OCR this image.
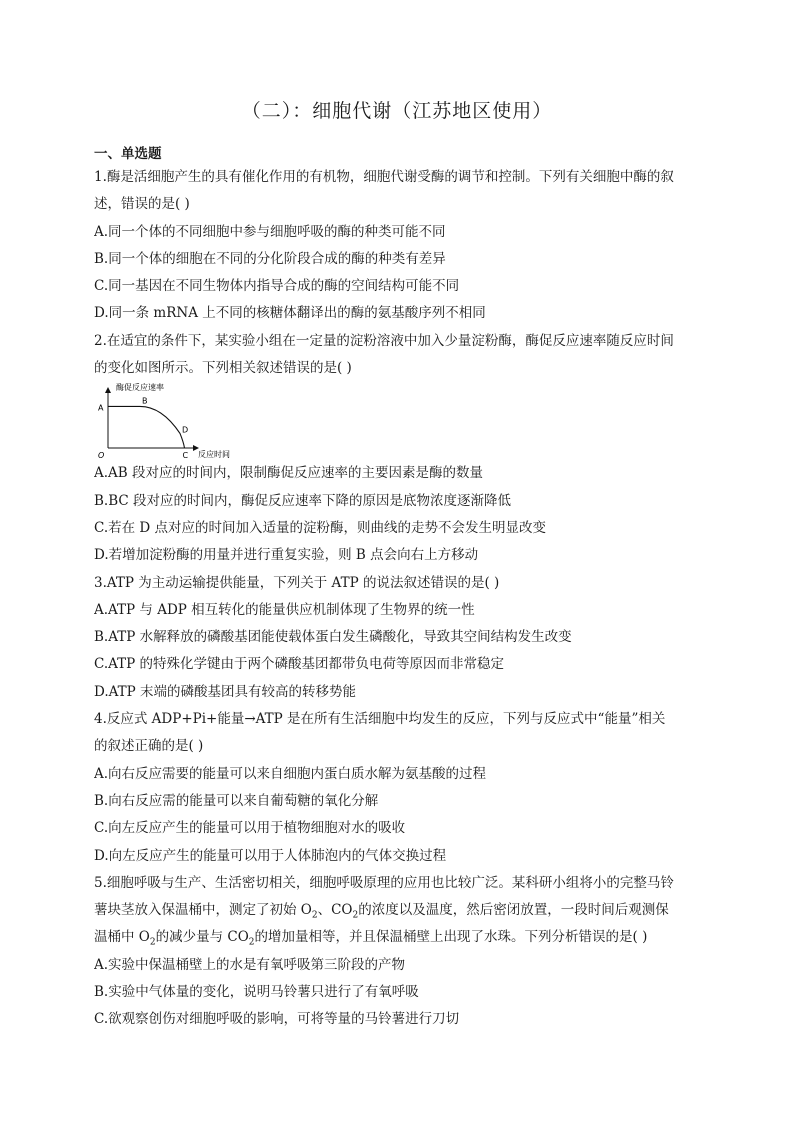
（二）：细胞代谢（江苏地区使用）
一、单选题
1.酶是活细胞产生的具有催化作用的有机物，细胞代谢受酶的调节和控制。下列有关细胞中酶的叙
述，错误的是( )
A.同一个体的不同细胞中参与细胞呼吸的酶的种类可能不同
B.同一个体的细胞在不同的分化阶段合成的酶的种类有差异
C.同一基因在不同生物体内指导合成的酶的空间结构可能不同
D.同一条 mRNA 上不同的核糖体翻译出的酶的氨基酸序列不相同
2.在适宜的条件下，某实验小组在一定量的淀粉溶液中加入少量淀粉酶，酶促反应速率随反应时间
的变化如图所示。下列相关叙述错误的是( )
酶促反应速率
反应时间
O
A
B
D
C
A.AB 段对应的时间内，限制酶促反应速率的主要因素是酶的数量
B.BC 段对应的时间内，酶促反应速率下降的原因是底物浓度逐渐降低
C.若在 D 点对应的时间加入适量的淀粉酶，则曲线的走势不会发生明显改变
D.若增加淀粉酶的用量并进行重复实验，则 B 点会向右上方移动
3.ATP 为主动运输提供能量，下列关于 ATP 的说法叙述错误的是( )
A.ATP 与 ADP 相互转化的能量供应机制体现了生物界的统一性
B.ATP 水解释放的磷酸基团能使载体蛋白发生磷酸化，导致其空间结构发生改变
C.ATP 的特殊化学键由于两个磷酸基团都带负电荷等原因而非常稳定
D.ATP 末端的磷酸基团具有较高的转移势能
4.反应式 ADP+Pi+能量→ATP 是在所有生活细胞中均发生的反应，下列与反应式中“能量”相关
的叙述正确的是( )
A.向右反应需要的能量可以来自细胞内蛋白质水解为氨基酸的过程
B.向右反应需的能量可以来自葡萄糖的氧化分解
C.向左反应产生的能量可以用于植物细胞对水的吸收
D.向左反应产生的能量可以用于人体肺泡内的气体交换过程
5.细胞呼吸与生产、生活密切相关，细胞呼吸原理的应用也比较广泛。某科研小组将小的完整马铃
薯块茎放入保温桶中，测定了初始 $O_2$、$CO_2$的浓度以及温度，然后密闭放置，一段时间后观测保
温桶中 $O_2$的减少量与 $CO_2$的增加量相等，并且保温桶壁上出现了水珠。下列分析错误的是( )
A.实验中保温桶壁上的水是有氧呼吸第三阶段的产物
B.实验中气体量的变化，说明马铃薯只进行了有氧呼吸
C.欲观察创伤对细胞呼吸的影响，可将等量的马铃薯进行刀切
